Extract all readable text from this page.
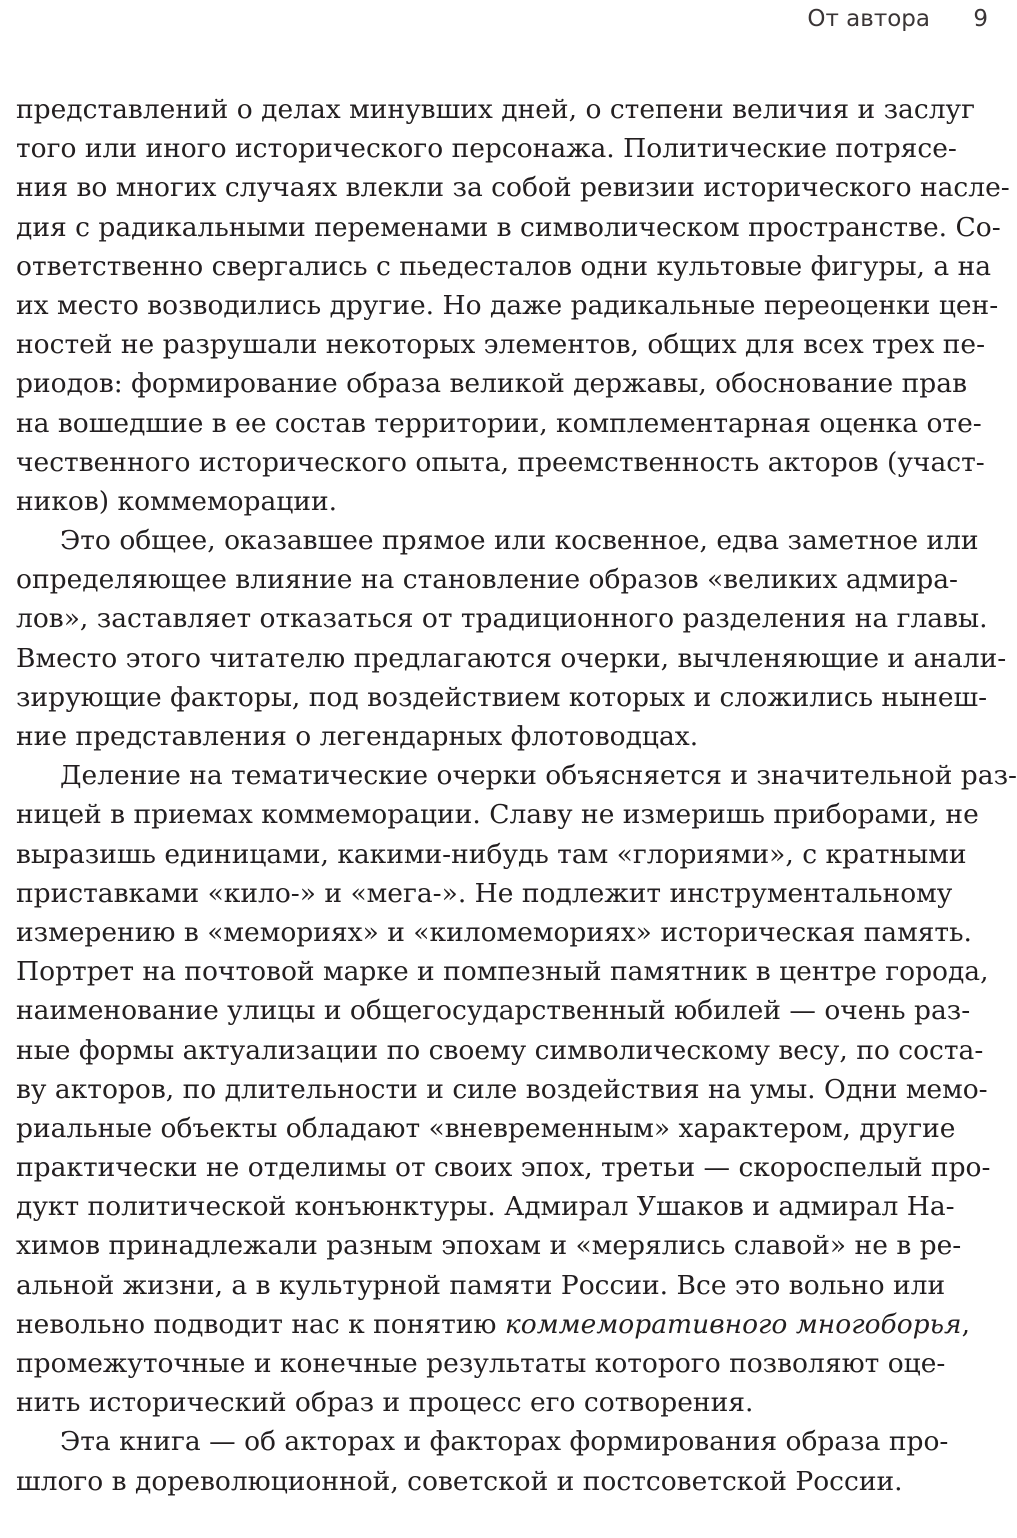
От автора 9
представлений о делах минувших дней, о степени величия и заслуг
того или иного исторического персонажа. Политические потрясе-
ния во многих случаях влекли за собой ревизии исторического насле-
дия с радикальными переменами в символическом пространстве. Со-
ответственно свергались с пьедесталов одни культовые фигуры, а на
их место возводились другие. Но даже радикальные переоценки цен-
ностей не разрушали некоторых элементов, общих для всех трех пе-
риодов: формирование образа великой державы, обоснование прав
на вошедшие в ее состав территории, комплементарная оценка оте-
чественного исторического опыта, преемственность акторов (участ-
ников) коммеморации.
Это общее, оказавшее прямое или косвенное, едва заметное или
определяющее влияние на становление образов «великих адмира-
лов», заставляет отказаться от традиционного разделения на главы.
Вместо этого читателю предлагаются очерки, вычленяющие и анали-
зирующие факторы, под воздействием которых и сложились нынеш-
ние представления о легендарных флотоводцах.
Деление на тематические очерки объясняется и значительной раз-
ницей в приемах коммеморации. Славу не измеришь приборами, не
выразишь единицами, какими-нибудь там «глориями», с кратными
приставками «кило-» и «мега-». Не подлежит инструментальному
измерению в «мемориях» и «киломемориях» историческая память.
Портрет на почтовой марке и помпезный памятник в центре города,
наименование улицы и общегосударственный юбилей — очень раз-
ные формы актуализации по своему символическому весу, по соста-
ву акторов, по длительности и силе воздействия на умы. Одни мемо-
риальные объекты обладают «вневременным» характером, другие
практически не отделимы от своих эпох, третьи — скороспелый про-
дукт политической конъюнктуры. Адмирал Ушаков и адмирал На-
химов принадлежали разным эпохам и «мерялись славой» не в ре-
альной жизни, а в культурной памяти России. Все это вольно или
невольно подводит нас к понятию коммеморативного многоборья,
промежуточные и конечные результаты которого позволяют оце-
нить исторический образ и процесс его сотворения.
Эта книга — об акторах и факторах формирования образа про-
шлого в дореволюционной, советской и постсоветской России.
